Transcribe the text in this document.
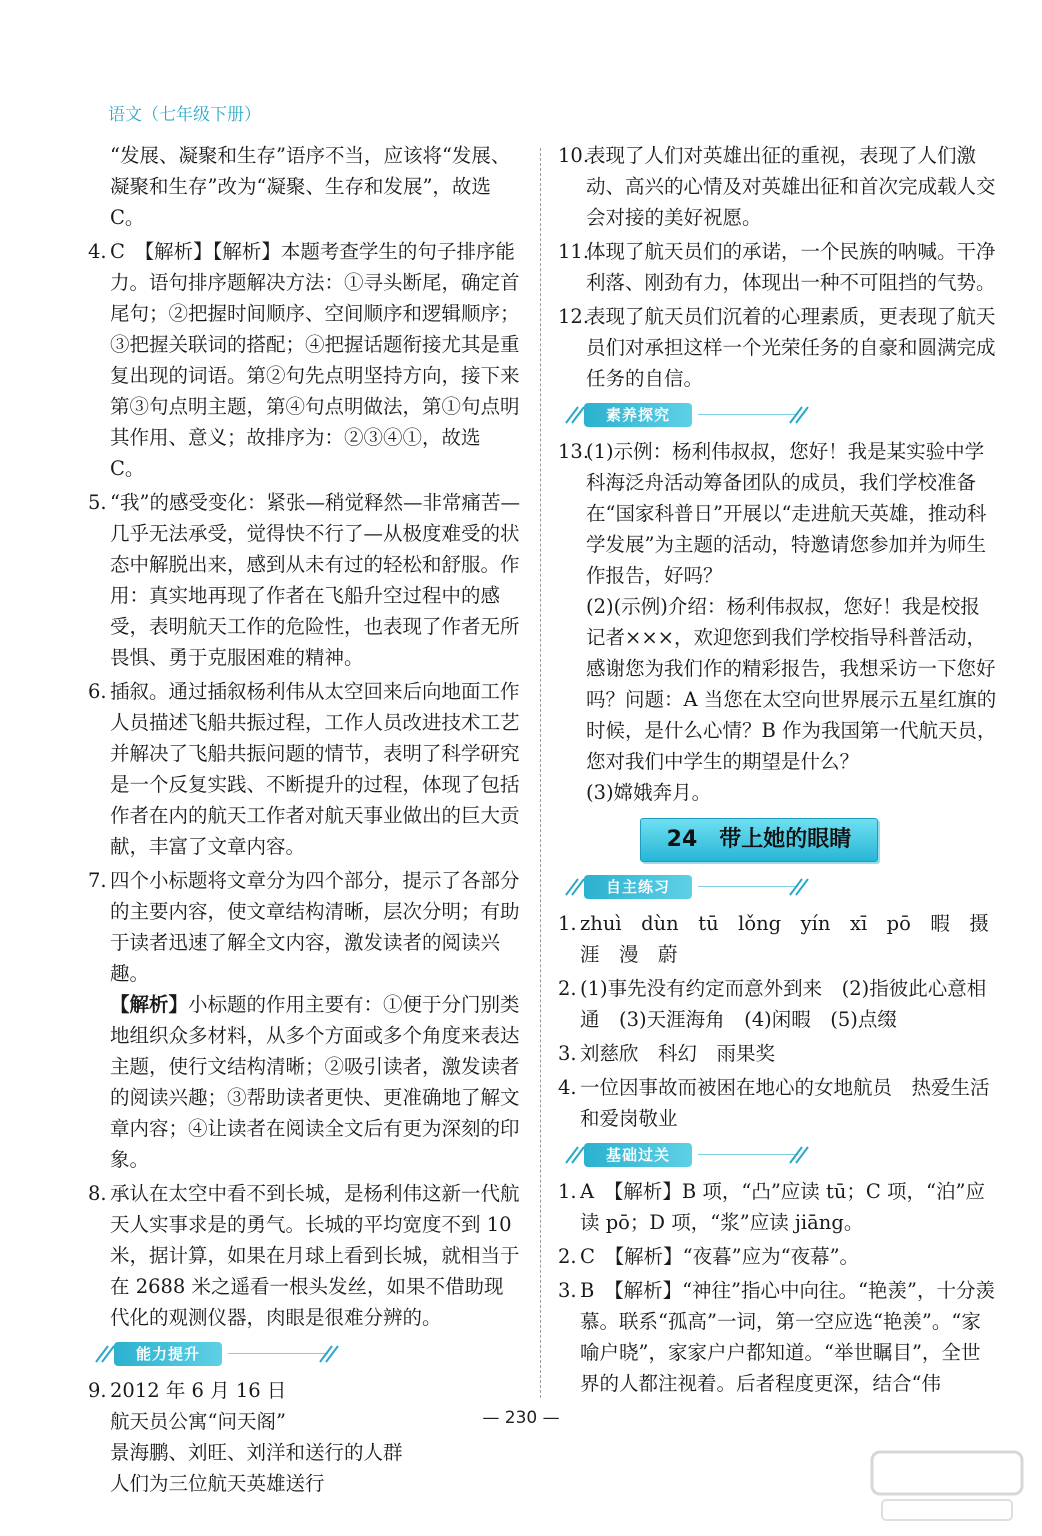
语文（七年级下册）
“发展、凝聚和生存”语序不当，应该将“发展、凝聚和生存”改为“凝聚、生存和发展”，故选 C。
4. C　【解析】【解析】本题考查学生的句子排序能力。语句排序题解决方法：①寻头断尾，确定首尾句；②把握时间顺序、空间顺序和逻辑顺序；③把握关联词的搭配；④把握话题衔接尤其是重复出现的词语。第②句先点明坚持方向，接下来第③句点明主题，第④句点明做法，第①句点明其作用、意义；故排序为：②③④①，故选 C。
5. “我”的感受变化：紧张—稍觉释然—非常痛苦—几乎无法承受，觉得快不行了—从极度难受的状态中解脱出来，感到从未有过的轻松和舒服。作用：真实地再现了作者在飞船升空过程中的感受，表明航天工作的危险性，也表现了作者无所畏惧、勇于克服困难的精神。
6. 插叙。通过插叙杨利伟从太空回来后向地面工作人员描述飞船共振过程，工作人员改进技术工艺并解决了飞船共振问题的情节，表明了科学研究是一个反复实践、不断提升的过程，体现了包括作者在内的航天工作者对航天事业做出的巨大贡献，丰富了文章内容。
7. 四个小标题将文章分为四个部分，提示了各部分的主要内容，使文章结构清晰，层次分明；有助于读者迅速了解全文内容，激发读者的阅读兴趣。
【解析】小标题的作用主要有：①便于分门别类地组织众多材料，从多个方面或多个角度来表达主题，使行文结构清晰；②吸引读者，激发读者的阅读兴趣；③帮助读者更快、更准确地了解文章内容；④让读者在阅读全文后有更为深刻的印象。
8. 承认在太空中看不到长城，是杨利伟这新一代航天人实事求是的勇气。长城的平均宽度不到 10 米，据计算，如果在月球上看到长城，就相当于在 2688 米之遥看一根头发丝，如果不借助现代化的观测仪器，肉眼是很难分辨的。
能力提升
9. 2012 年 6 月 16 日
航天员公寓“问天阁”
景海鹏、刘旺、刘洋和送行的人群
人们为三位航天英雄送行
10.
表现了人们对英雄出征的重视，表现了人们激动、高兴的心情及对英雄出征和首次完成载人交会对接的美好祝愿。
11.
体现了航天员们的承诺，一个民族的呐喊。干净利落、刚劲有力，体现出一种不可阻挡的气势。
12.
表现了航天员们沉着的心理素质，更表现了航天员们对承担这样一个光荣任务的自豪和圆满完成任务的自信。
素养探究
13.
(1)示例：杨利伟叔叔，您好！我是某实验中学科海泛舟活动筹备团队的成员，我们学校准备在“国家科普日”开展以“走进航天英雄，推动科学发展”为主题的活动，特邀请您参加并为师生作报告，好吗？
(2)(示例)介绍：杨利伟叔叔，您好！我是校报记者×××，欢迎您到我们学校指导科普活动，感谢您为我们作的精彩报告，我想采访一下您好吗？问题：A 当您在太空向世界展示五星红旗的时候，是什么心情？B 作为我国第一代航天员，您对我们中学生的期望是什么？
(3)嫦娥奔月。
24 带上她的眼睛
自主练习
1. zhuì　dùn　tū　lǒng　yín　xī　pō　暇　摄　涯　漫　蔚
2. (1)事先没有约定而意外到来　(2)指彼此心意相通　(3)天涯海角　(4)闲暇　(5)点缀
3. 刘慈欣　科幻　雨果奖
4. 一位因事故而被困在地心的女地航员　热爱生活和爱岗敬业
基础过关
1. A　【解析】B 项，“凸”应读 tū；C 项，“泊”应读 pō；D 项，“浆”应读 jiāng。
2. C　【解析】“夜暮”应为“夜幕”。
3. B　【解析】“神往”指心中向往。“艳羡”，十分羡慕。联系“孤高”一词，第一空应选“艳羡”。“家喻户晓”，家家户户都知道。“举世瞩目”，全世界的人都注视着。后者程度更深，结合“伟
— 230 —
